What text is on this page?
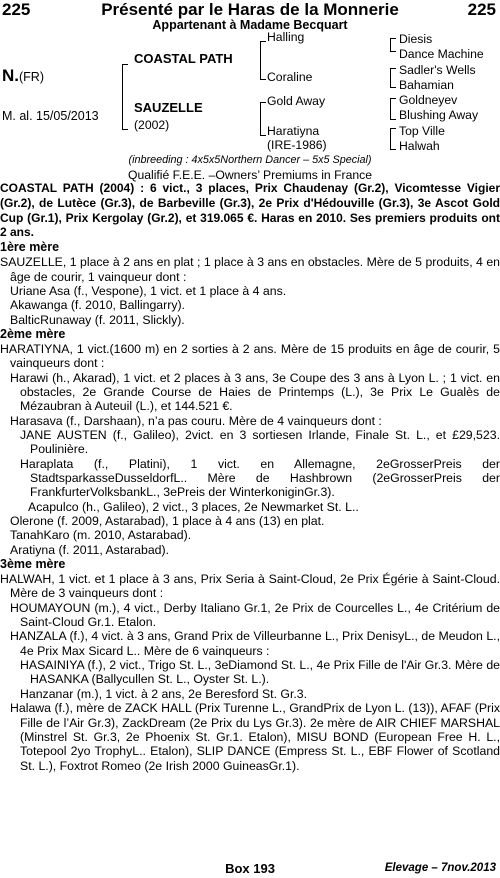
225	Présenté par le Haras de la Monnerie	225
Appartenant à Madame Becquart
N.(FR)
M. al. 15/05/2013
COASTAL PATH
SAUZELLE
(2002)
Halling
Coraline
Gold Away
Haratiyna
(IRE-1986)
Diesis
Dance Machine
Sadler's Wells
Bahamian
Goldneyev
Blushing Away
Top Ville
Halwah
(inbreeding : 4x5x5Northern Dancer – 5x5 Special)
Qualifié F.E.E. –Owners’ Premiums in France

COASTAL PATH (2004) : 6 vict., 3 places, Prix Chaudenay (Gr.2), Vicomtesse Vigier (Gr.2), de Lutèce (Gr.3), de Barbeville (Gr.3), 2e Prix d'Hédouville (Gr.3), 3e Ascot Gold Cup (Gr.1), Prix Kergolay (Gr.2), et 319.065 €. Haras en 2010. Ses premiers produits ont 2 ans.

1ère mère

SAUZELLE, 1 place à 2 ans en plat ; 1 place à 3 ans en obstacles. Mère de 5 produits, 4 en âge de courir, 1 vainqueur dont :

Uriane Asa (f., Vespone), 1 vict. et 1 place à 4 ans.

Akawanga (f. 2010, Ballingarry).

BalticRunaway (f. 2011, Slickly).

2ème mère

HARATIYNA, 1 vict.(1600 m) en 2 sorties à 2 ans. Mère de 15 produits en âge de courir, 5 vainqueurs dont :

Harawi (h., Akarad), 1 vict. et 2 places à 3 ans, 3e Coupe des 3 ans à Lyon L. ; 1 vict. en obstacles, 2e Grande Course de Haies de Printemps (L.), 3e Prix Le Gualès de Mézaubran à Auteuil (L.), et 144.521 €.

Harasava (f., Darshaan), n’a pas couru. Mère de 4 vainqueurs dont :

JANE AUSTEN (f., Galileo), 2vict. en 3 sortiesen Irlande, Finale St. L., et £29,523. Poulinière.

Haraplata (f., Platini), 1 vict. en Allemagne, 2eGrosserPreis der StadtsparkasseDusseldorfL.. Mère de Hashbrown (2eGrosserPreis der FrankfurterVolksbankL., 3ePreis der WinterkoniginGr.3).

Acapulco (h., Galileo), 2 vict., 3 places, 2e Newmarket St. L..

Olerone (f. 2009, Astarabad), 1 place à 4 ans (13) en plat.

TanahKaro (m. 2010, Astarabad).

Aratiyna (f. 2011, Astarabad).

3ème mère

HALWAH, 1 vict. et 1 place à 3 ans, Prix Seria à Saint-Cloud, 2e Prix Égérie à Saint-Cloud. Mère de 3 vainqueurs dont :

HOUMAYOUN (m.), 4 vict., Derby Italiano Gr.1, 2e Prix de Courcelles L., 4e Critérium de Saint-Cloud Gr.1. Etalon.

HANZALA (f.), 4 vict. à 3 ans, Grand Prix de Villeurbanne L., Prix DenisyL., de Meudon L., 4e Prix Max Sicard L.. Mère de 6 vainqueurs :

HASAINIYA (f.), 2 vict., Trigo St. L., 3eDiamond St. L., 4e Prix Fille de l'Air Gr.3. Mère de HASANKA (Ballycullen St. L., Oyster St. L.).

Hanzanar (m.), 1 vict. à 2 ans, 2e Beresford St. Gr.3.

Halawa (f.), mère de ZACK HALL (Prix Turenne L., GrandPrix de Lyon L. (13)), AFAF (Prix Fille de l’Air Gr.3), ZackDream (2e Prix du Lys Gr.3). 2e mère de AIR CHIEF MARSHAL (Minstrel St. Gr.3, 2e Phoenix St. Gr.1. Etalon), MISU BOND (European Free H. L., Totepool 2yo TrophyL.. Etalon), SLIP DANCE (Empress St. L., EBF Flower of Scotland St. L.), Foxtrot Romeo (2e Irish 2000 GuineasGr.1).

Box 193	Elevage – 7nov.2013
